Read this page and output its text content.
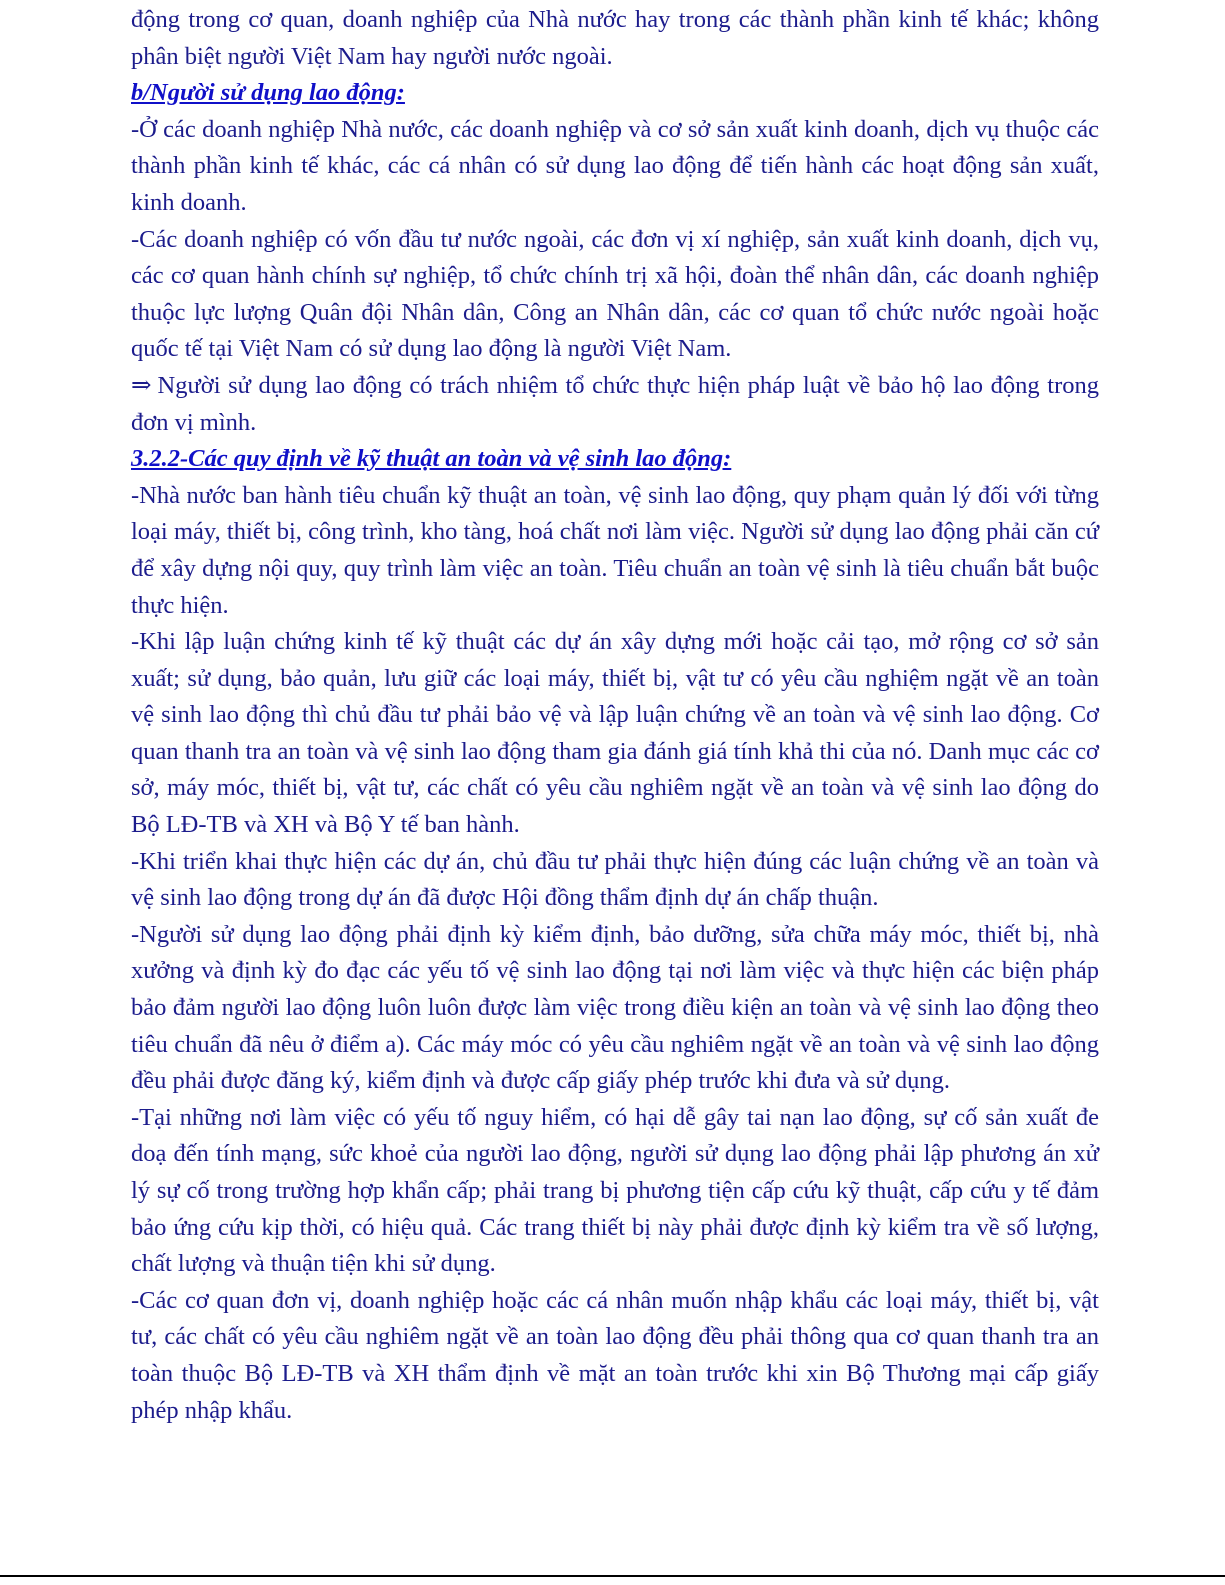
động trong cơ quan, doanh nghiệp của Nhà nước hay trong các thành phần kinh tế khác; không phân biệt người Việt Nam hay người nước ngoài.

b/Người sử dụng lao động:

-Ở các doanh nghiệp Nhà nước, các doanh nghiệp và cơ sở sản xuất kinh doanh, dịch vụ thuộc các thành phần kinh tế khác, các cá nhân có sử dụng lao động để tiến hành các hoạt động sản xuất, kinh doanh.

-Các doanh nghiệp có vốn đầu tư nước ngoài, các đơn vị xí nghiệp, sản xuất kinh doanh, dịch vụ, các cơ quan hành chính sự nghiệp, tổ chức chính trị xã hội, đoàn thể nhân dân, các doanh nghiệp thuộc lực lượng Quân đội Nhân dân, Công an Nhân dân, các cơ quan tổ chức nước ngoài hoặc quốc tế tại Việt Nam có sử dụng lao động là người Việt Nam.

⇒ Người sử dụng lao động có trách nhiệm tổ chức thực hiện pháp luật về bảo hộ lao động trong đơn vị mình.

3.2.2-Các quy định về kỹ thuật an toàn và vệ sinh lao động:

-Nhà nước ban hành tiêu chuẩn kỹ thuật an toàn, vệ sinh lao động, quy phạm quản lý đối với từng loại máy, thiết bị, công trình, kho tàng, hoá chất nơi làm việc. Người sử dụng lao động phải căn cứ để xây dựng nội quy, quy trình làm việc an toàn. Tiêu chuẩn an toàn vệ sinh là tiêu chuẩn bắt buộc thực hiện.

-Khi lập luận chứng kinh tế kỹ thuật các dự án xây dựng mới hoặc cải tạo, mở rộng cơ sở sản xuất; sử dụng, bảo quản, lưu giữ các loại máy, thiết bị, vật tư có yêu cầu nghiệm ngặt về an toàn vệ sinh lao động thì chủ đầu tư phải bảo vệ và lập luận chứng về an toàn và vệ sinh lao động. Cơ quan thanh tra an toàn và vệ sinh lao động tham gia đánh giá tính khả thi của nó. Danh mục các cơ sở, máy móc, thiết bị, vật tư, các chất có yêu cầu nghiêm ngặt về an toàn và vệ sinh lao động do Bộ LĐ-TB và XH và Bộ Y tế ban hành.

-Khi triển khai thực hiện các dự án, chủ đầu tư phải thực hiện đúng các luận chứng về an toàn và vệ sinh lao động trong dự án đã được Hội đồng thẩm định dự án chấp thuận.

-Người sử dụng lao động phải định kỳ kiểm định, bảo dưỡng, sửa chữa máy móc, thiết bị, nhà xưởng và định kỳ đo đạc các yếu tố vệ sinh lao động tại nơi làm việc và thực hiện các biện pháp bảo đảm người lao động luôn luôn được làm việc trong điều kiện an toàn và vệ sinh lao động theo tiêu chuẩn đã nêu ở điểm a). Các máy móc có yêu cầu nghiêm ngặt về an toàn và vệ sinh lao động đều phải được đăng ký, kiểm định và được cấp giấy phép trước khi đưa và sử dụng.

-Tại những nơi làm việc có yếu tố nguy hiểm, có hại dễ gây tai nạn lao động, sự cố sản xuất đe doạ đến tính mạng, sức khoẻ của người lao động, người sử dụng lao động phải lập phương án xử lý sự cố trong trường hợp khẩn cấp; phải trang bị phương tiện cấp cứu kỹ thuật, cấp cứu y tế đảm bảo ứng cứu kịp thời, có hiệu quả. Các trang thiết bị này phải được định kỳ kiểm tra về số lượng, chất lượng và thuận tiện khi sử dụng.

-Các cơ quan đơn vị, doanh nghiệp hoặc các cá nhân muốn nhập khẩu các loại máy, thiết bị, vật tư, các chất có yêu cầu nghiêm ngặt về an toàn lao động đều phải thông qua cơ quan thanh tra an toàn thuộc Bộ LĐ-TB và XH thẩm định về mặt an toàn trước khi xin Bộ Thương mại cấp giấy phép nhập khẩu.
